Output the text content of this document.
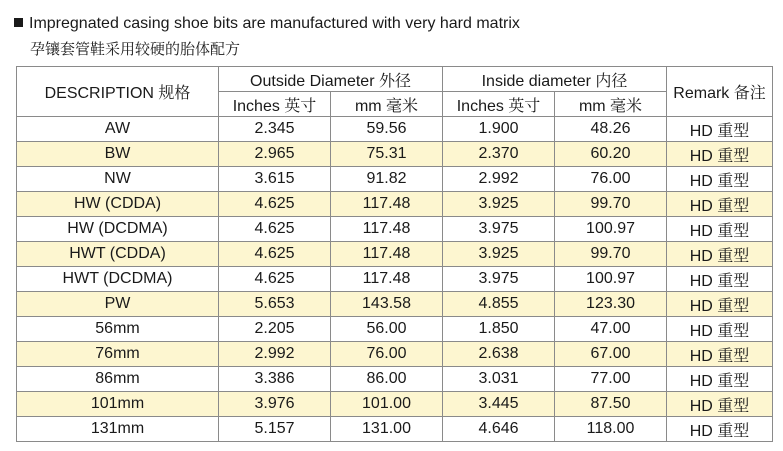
Impregnated casing shoe bits are manufactured with very hard matrix
孕镶套管鞋采用较硬的胎体配方
DESCRIPTION 规格	Outside Diameter 外径		Inside diameter 内径		Remark 备注
	Inches 英寸	mm 毫米	Inches 英寸	mm 毫米	
AW	2.345	59.56	1.900	48.26	HD 重型
BW	2.965	75.31	2.370	60.20	HD 重型
NW	3.615	91.82	2.992	76.00	HD 重型
HW (CDDA)	4.625	117.48	3.925	99.70	HD 重型
HW (DCDMA)	4.625	117.48	3.975	100.97	HD 重型
HWT (CDDA)	4.625	117.48	3.925	99.70	HD 重型
HWT (DCDMA)	4.625	117.48	3.975	100.97	HD 重型
PW	5.653	143.58	4.855	123.30	HD 重型
56mm	2.205	56.00	1.850	47.00	HD 重型
76mm	2.992	76.00	2.638	67.00	HD 重型
86mm	3.386	86.00	3.031	77.00	HD 重型
101mm	3.976	101.00	3.445	87.50	HD 重型
131mm	5.157	131.00	4.646	118.00	HD 重型
